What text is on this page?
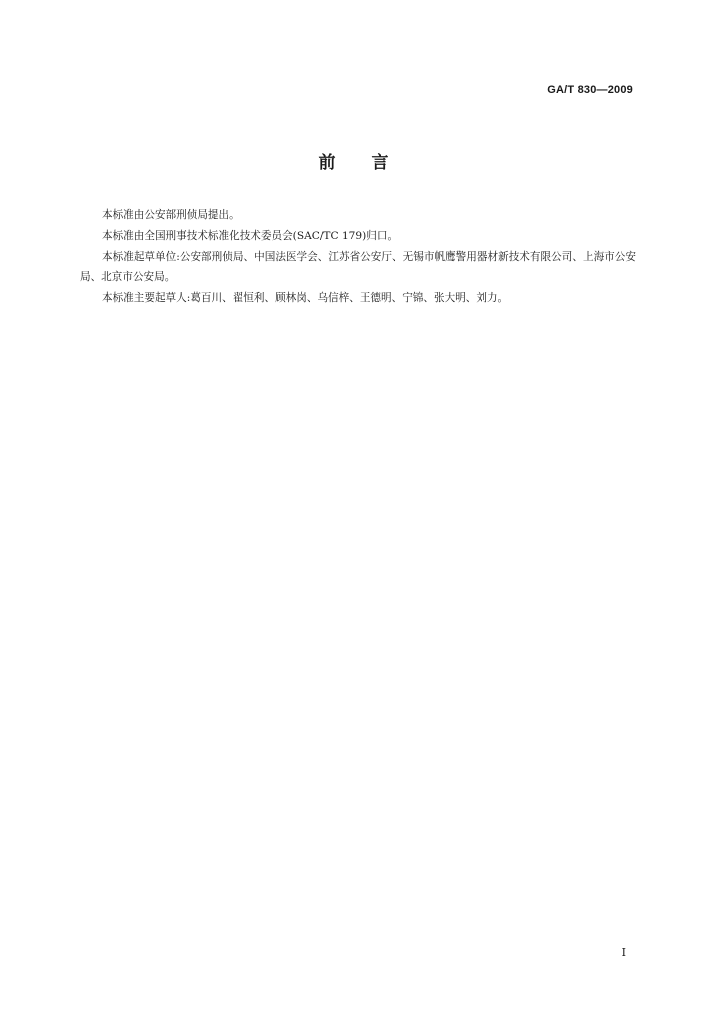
GA/T 830—2009
前言

本标准由公安部刑侦局提出。

本标准由全国刑事技术标准化技术委员会(SAC/TC 179)归口。

本标准起草单位:公安部刑侦局、中国法医学会、江苏省公安厅、无锡市帆鹰警用器材新技术有限公司、上海市公安局、北京市公安局。

本标准主要起草人:葛百川、翟恒利、顾林岗、乌信梓、王德明、宁锦、张大明、刘力。

I
